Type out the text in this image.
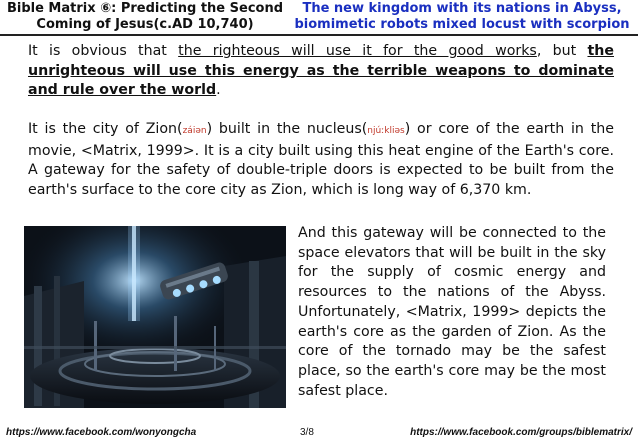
Bible Matrix ⑥: Predicting the Second Coming of Jesus(c.AD 10,740)
The new kingdom with its nations in Abyss, biomimetic robots mixed locust with scorpion
It is obvious that the righteous will use it for the good works, but the unrighteous will use this energy as the terrible weapons to dominate and rule over the world.
It is the city of Zion(záiən) built in the nucleus(njúːkliəs) or core of the earth in the movie, <Matrix, 1999>. It is a city built using this heat engine of the Earth's core. A gateway for the safety of double-triple doors is expected to be built from the earth's surface to the core city as Zion, which is long way of 6,370 km.
And this gateway will be connected to the space elevators that will be built in the sky for the supply of cosmic energy and resources to the nations of the Abyss. Unfortunately, <Matrix, 1999> depicts the earth's core as the garden of Zion. As the core of the tornado may be the safest place, so the earth's core may be the most safest place.
https://www.facebook.com/wonyongcha	3/8	https://www.facebook.com/groups/biblematrix/
